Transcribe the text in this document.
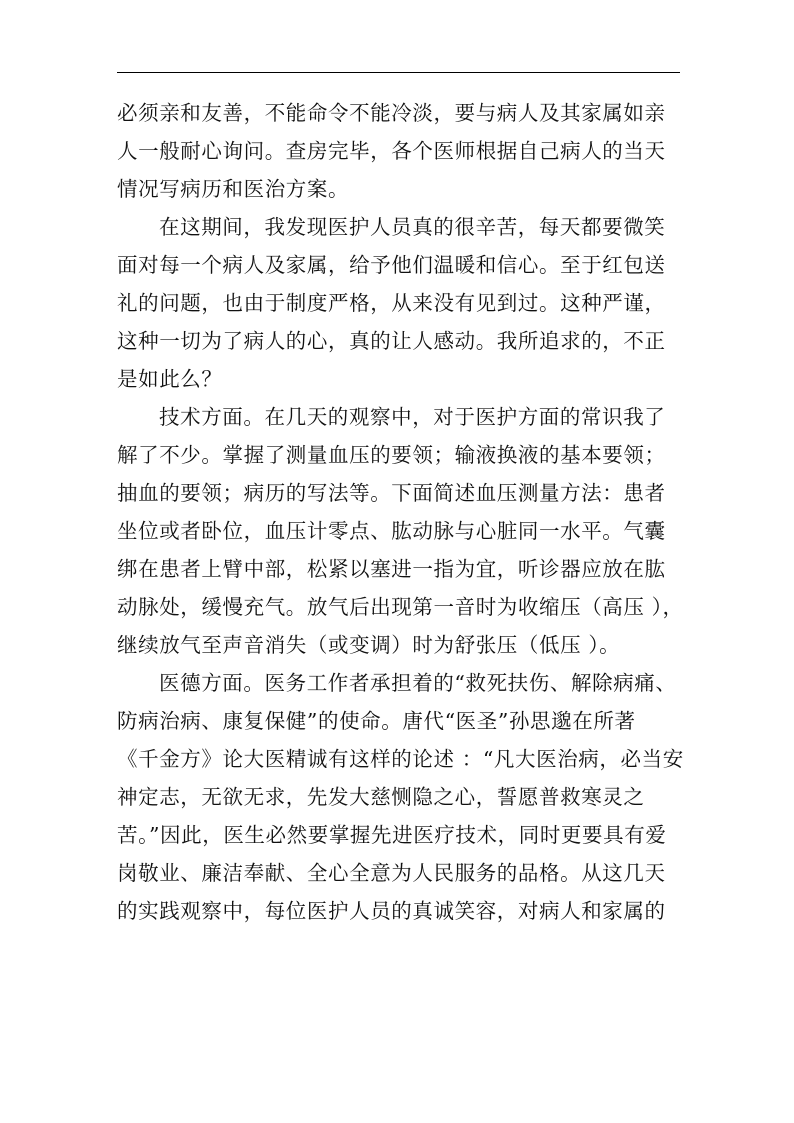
必须亲和友善，不能命令不能冷淡，要与病人及其家属如亲
人一般耐心询问。查房完毕，各个医师根据自己病人的当天
情况写病历和医治方案。
在这期间，我发现医护人员真的很辛苦，每天都要微笑
面对每一个病人及家属，给予他们温暖和信心。至于红包送
礼的问题，也由于制度严格，从来没有见到过。这种严谨，
这种一切为了病人的心，真的让人感动。我所追求的，不正
是如此么？
技术方面。在几天的观察中，对于医护方面的常识我了
解了不少。掌握了测量血压的要领；输液换液的基本要领；
抽血的要领；病历的写法等。下面简述血压测量方法：患者
坐位或者卧位，血压计零点、肱动脉与心脏同一水平。气囊
绑在患者上臂中部，松紧以塞进一指为宜，听诊器应放在肱
动脉处，缓慢充气。放气后出现第一音时为收缩压（高压 ），
继续放气至声音消失（或变调）时为舒张压（低压 ）。
医德方面。医务工作者承担着的“救死扶伤、解除病痛、
防病治病、康复保健”的使命。唐代“医圣”孙思邈在所著
《千金方》论大医精诚有这样的论述 ：“凡大医治病，必当安
神定志，无欲无求，先发大慈恻隐之心，誓愿普救寒灵之
苦。”因此，医生必然要掌握先进医疗技术，同时更要具有爱
岗敬业、廉洁奉献、全心全意为人民服务的品格。从这几天
的实践观察中，每位医护人员的真诚笑容，对病人和家属的
